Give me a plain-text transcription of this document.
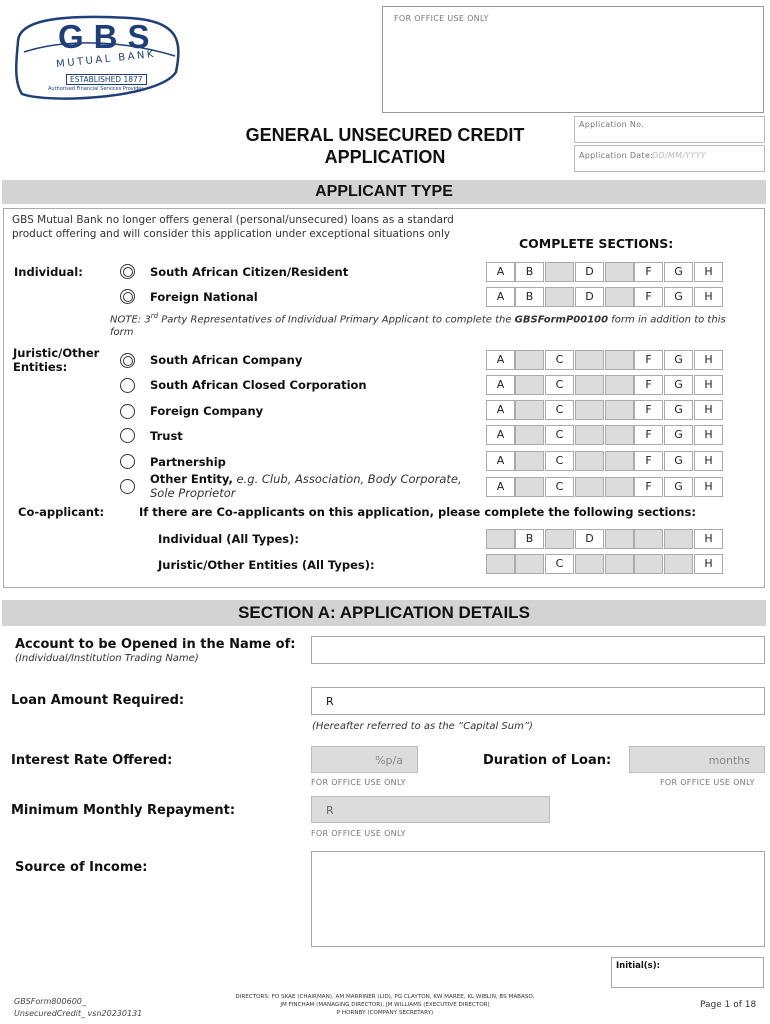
GBS
MUTUAL BANK
ESTABLISHED 1877
Authorised Financial Services Provider
FOR OFFICE USE ONLY
GENERAL UNSECURED CREDIT
APPLICATION
Application No.
Application Date:
DD/MM/YYYY
APPLICANT TYPE
GBS Mutual Bank no longer offers general (personal/unsecured) loans as a standard product offering and will consider this application under exceptional situations only
COMPLETE SECTIONS:
Individual:	South African Citizen/Resident	A	B	D	F	G	H
Foreign National	A	B	D	F	G	H
NOTE: 3rd Party Representatives of Individual Primary Applicant to complete the GBSFormP00100 form in addition to this form
Juristic/Other Entities:	South African Company	A	C	F	G	H
South African Closed Corporation	A	C	F	G	H
Foreign Company	A	C	F	G	H
Trust	A	C	F	G	H
Partnership	A	C	F	G	H
Other Entity, e.g. Club, Association, Body Corporate,
Sole Proprietor	A	C	F	G	H
Co-applicant:	If there are Co-applicants on this application, please complete the following sections:
Individual (All Types):	B	D	H
Juristic/Other Entities (All Types):	C	H
SECTION A: APPLICATION DETAILS
Account to be Opened in the Name of:
(Individual/Institution Trading Name)
Loan Amount Required:	R
(Hereafter referred to as the “Capital Sum”)
Interest Rate Offered:	%p/a
FOR OFFICE USE ONLY
Duration of Loan:	months
FOR OFFICE USE ONLY
Minimum Monthly Repayment:	R
FOR OFFICE USE ONLY
Source of Income:
Initial(s):
GBSForm800600_
UnsecuredCredit_ vsn20230131
DIRECTORS: FO SKAE (CHAIRMAN), AM MARRINER (LID), PG CLAYTON, KW MAREE, KL WIBLIN, BS MABASO,
JM FINCHAM (MANAGING DIRECTOR), JM WILLIAMS (EXECUTIVE DIRECTOR)
P HORNBY (COMPANY SECRETARY)
Page 1 of 18
